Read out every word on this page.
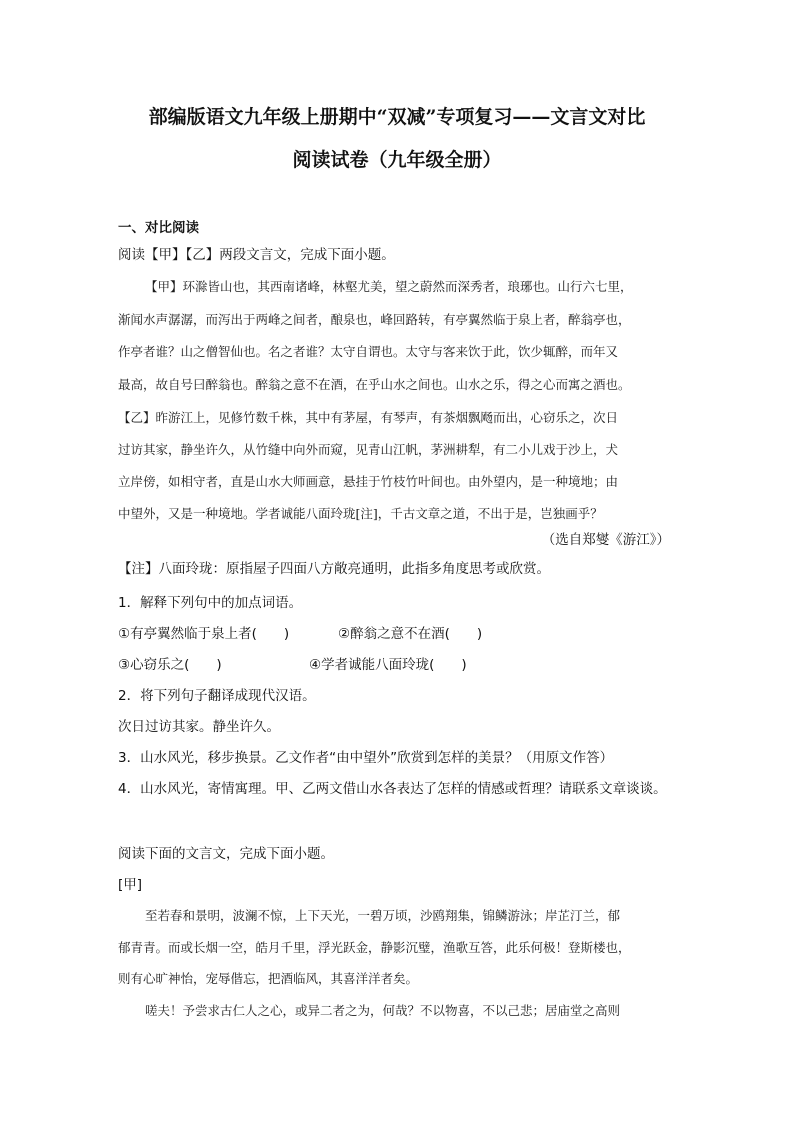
部编版语文九年级上册期中“双减”专项复习——文言文对比
阅读试卷（九年级全册）
一、对比阅读
阅读【甲】【乙】两段文言文，完成下面小题。
【甲】环滁皆山也，其西南诸峰，林壑尤美，望之蔚然而深秀者，琅琊也。山行六七里，
渐闻水声潺潺，而泻出于两峰之间者，酿泉也，峰回路转，有亭翼然临于泉上者，醉翁亭也，
作亭者谁？山之僧智仙也。名之者谁？太守自谓也。太守与客来饮于此，饮少辄醉，而年又
最高，故自号曰醉翁也。醉翁之意不在酒，在乎山水之间也。山水之乐，得之心而寓之酒也。
【乙】昨游江上，见修竹数千株，其中有茅屋，有琴声，有茶烟飘飏而出，心窃乐之，次日
过访其家，静坐许久，从竹缝中向外而窥，见青山江帆，茅洲耕犁，有二小儿戏于沙上，犬
立岸傍，如相守者，直是山水大师画意，悬挂于竹枝竹叶间也。由外望内，是一种境地；由
中望外，又是一种境地。学者诚能八面玲珑[注]，千古文章之道，不出于是，岂独画乎？
（选自郑燮《游江》）
【注】八面玲珑：原指屋子四面八方敞亮通明，此指多角度思考或欣赏。
1．解释下列句中的加点词语。
①有亭翼然临于泉上者(　　)	②醉翁之意不在酒(　　)
③心窃乐之(　　)	④学者诚能八面玲珑(　　)
2．将下列句子翻译成现代汉语。
次日过访其家。静坐许久。
3．山水风光，移步换景。乙文作者“由中望外”欣赏到怎样的美景？（用原文作答）
4．山水风光，寄情寓理。甲、乙两文借山水各表达了怎样的情感或哲理？请联系文章谈谈。
阅读下面的文言文，完成下面小题。
[甲]
至若春和景明，波澜不惊，上下天光，一碧万顷，沙鸥翔集，锦鳞游泳；岸芷汀兰，郁
郁青青。而或长烟一空，皓月千里，浮光跃金，静影沉璧，渔歌互答，此乐何极！登斯楼也，
则有心旷神怡，宠辱偕忘，把酒临风，其喜洋洋者矣。
嗟夫！予尝求古仁人之心，或异二者之为，何哉？不以物喜，不以己悲；居庙堂之高则
